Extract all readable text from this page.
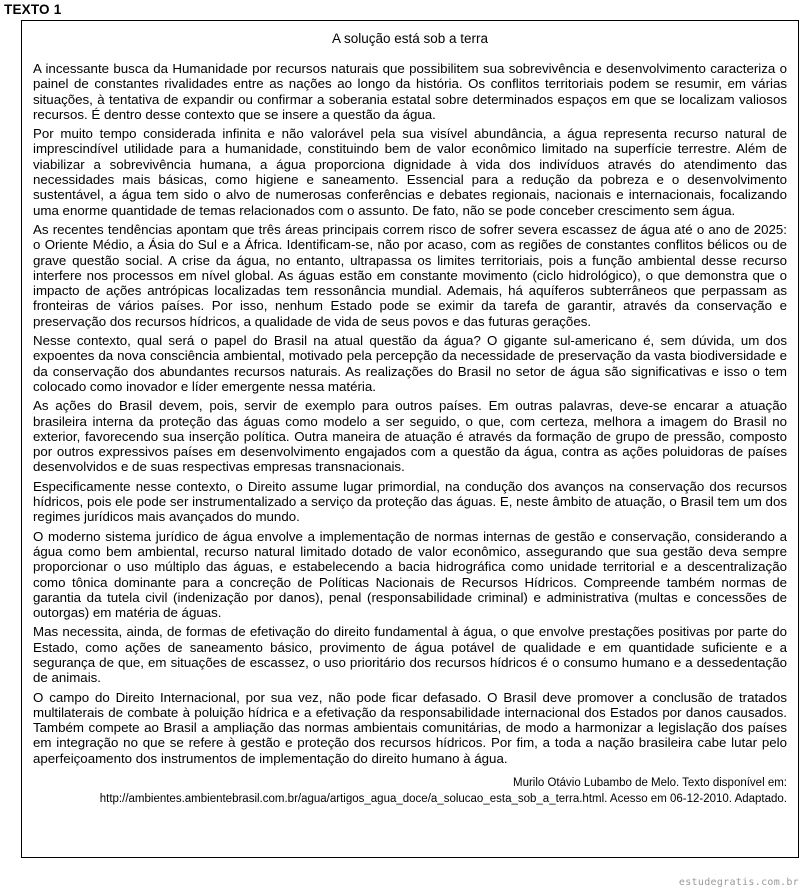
TEXTO 1
A solução está sob a terra

A incessante busca da Humanidade por recursos naturais que possibilitem sua sobrevivência e desenvolvimento caracteriza o painel de constantes rivalidades entre as nações ao longo da história. Os conflitos territoriais podem se resumir, em várias situações, à tentativa de expandir ou confirmar a soberania estatal sobre determinados espaços em que se localizam valiosos recursos. É dentro desse contexto que se insere a questão da água.

Por muito tempo considerada infinita e não valorável pela sua visível abundância, a água representa recurso natural de imprescindível utilidade para a humanidade, constituindo bem de valor econômico limitado na superfície terrestre. Além de viabilizar a sobrevivência humana, a água proporciona dignidade à vida dos indivíduos através do atendimento das necessidades mais básicas, como higiene e saneamento. Essencial para a redução da pobreza e o desenvolvimento sustentável, a água tem sido o alvo de numerosas conferências e debates regionais, nacionais e internacionais, focalizando uma enorme quantidade de temas relacionados com o assunto. De fato, não se pode conceber crescimento sem água.

As recentes tendências apontam que três áreas principais correm risco de sofrer severa escassez de água até o ano de 2025: o Oriente Médio, a Ásia do Sul e a África. Identificam-se, não por acaso, com as regiões de constantes conflitos bélicos ou de grave questão social. A crise da água, no entanto, ultrapassa os limites territoriais, pois a função ambiental desse recurso interfere nos processos em nível global. As águas estão em constante movimento (ciclo hidrológico), o que demonstra que o impacto de ações antrópicas localizadas tem ressonância mundial. Ademais, há aquíferos subterrâneos que perpassam as fronteiras de vários países. Por isso, nenhum Estado pode se eximir da tarefa de garantir, através da conservação e preservação dos recursos hídricos, a qualidade de vida de seus povos e das futuras gerações.

Nesse contexto, qual será o papel do Brasil na atual questão da água? O gigante sul-americano é, sem dúvida, um dos expoentes da nova consciência ambiental, motivado pela percepção da necessidade de preservação da vasta biodiversidade e da conservação dos abundantes recursos naturais. As realizações do Brasil no setor de água são significativas e isso o tem colocado como inovador e líder emergente nessa matéria.

As ações do Brasil devem, pois, servir de exemplo para outros países. Em outras palavras, deve-se encarar a atuação brasileira interna da proteção das águas como modelo a ser seguido, o que, com certeza, melhora a imagem do Brasil no exterior, favorecendo sua inserção política. Outra maneira de atuação é através da formação de grupo de pressão, composto por outros expressivos países em desenvolvimento engajados com a questão da água, contra as ações poluidoras de países desenvolvidos e de suas respectivas empresas transnacionais.

Especificamente nesse contexto, o Direito assume lugar primordial, na condução dos avanços na conservação dos recursos hídricos, pois ele pode ser instrumentalizado a serviço da proteção das águas. E, neste âmbito de atuação, o Brasil tem um dos regimes jurídicos mais avançados do mundo.

O moderno sistema jurídico de água envolve a implementação de normas internas de gestão e conservação, considerando a água como bem ambiental, recurso natural limitado dotado de valor econômico, assegurando que sua gestão deva sempre proporcionar o uso múltiplo das águas, e estabelecendo a bacia hidrográfica como unidade territorial e a descentralização como tônica dominante para a concreção de Políticas Nacionais de Recursos Hídricos. Compreende também normas de garantia da tutela civil (indenização por danos), penal (responsabilidade criminal) e administrativa (multas e concessões de outorgas) em matéria de águas.

Mas necessita, ainda, de formas de efetivação do direito fundamental à água, o que envolve prestações positivas por parte do Estado, como ações de saneamento básico, provimento de água potável de qualidade e em quantidade suficiente e a segurança de que, em situações de escassez, o uso prioritário dos recursos hídricos é o consumo humano e a dessedentação de animais.

O campo do Direito Internacional, por sua vez, não pode ficar defasado. O Brasil deve promover a conclusão de tratados multilaterais de combate à poluição hídrica e a efetivação da responsabilidade internacional dos Estados por danos causados. Também compete ao Brasil a ampliação das normas ambientais comunitárias, de modo a harmonizar a legislação dos países em integração no que se refere à gestão e proteção dos recursos hídricos. Por fim, a toda a nação brasileira cabe lutar pelo aperfeiçoamento dos instrumentos de implementação do direito humano à água.

Murilo Otávio Lubambo de Melo. Texto disponível em:
http://ambientes.ambientebrasil.com.br/agua/artigos_agua_doce/a_solucao_esta_sob_a_terra.html. Acesso em 06-12-2010. Adaptado.
estudegratis.com.br
